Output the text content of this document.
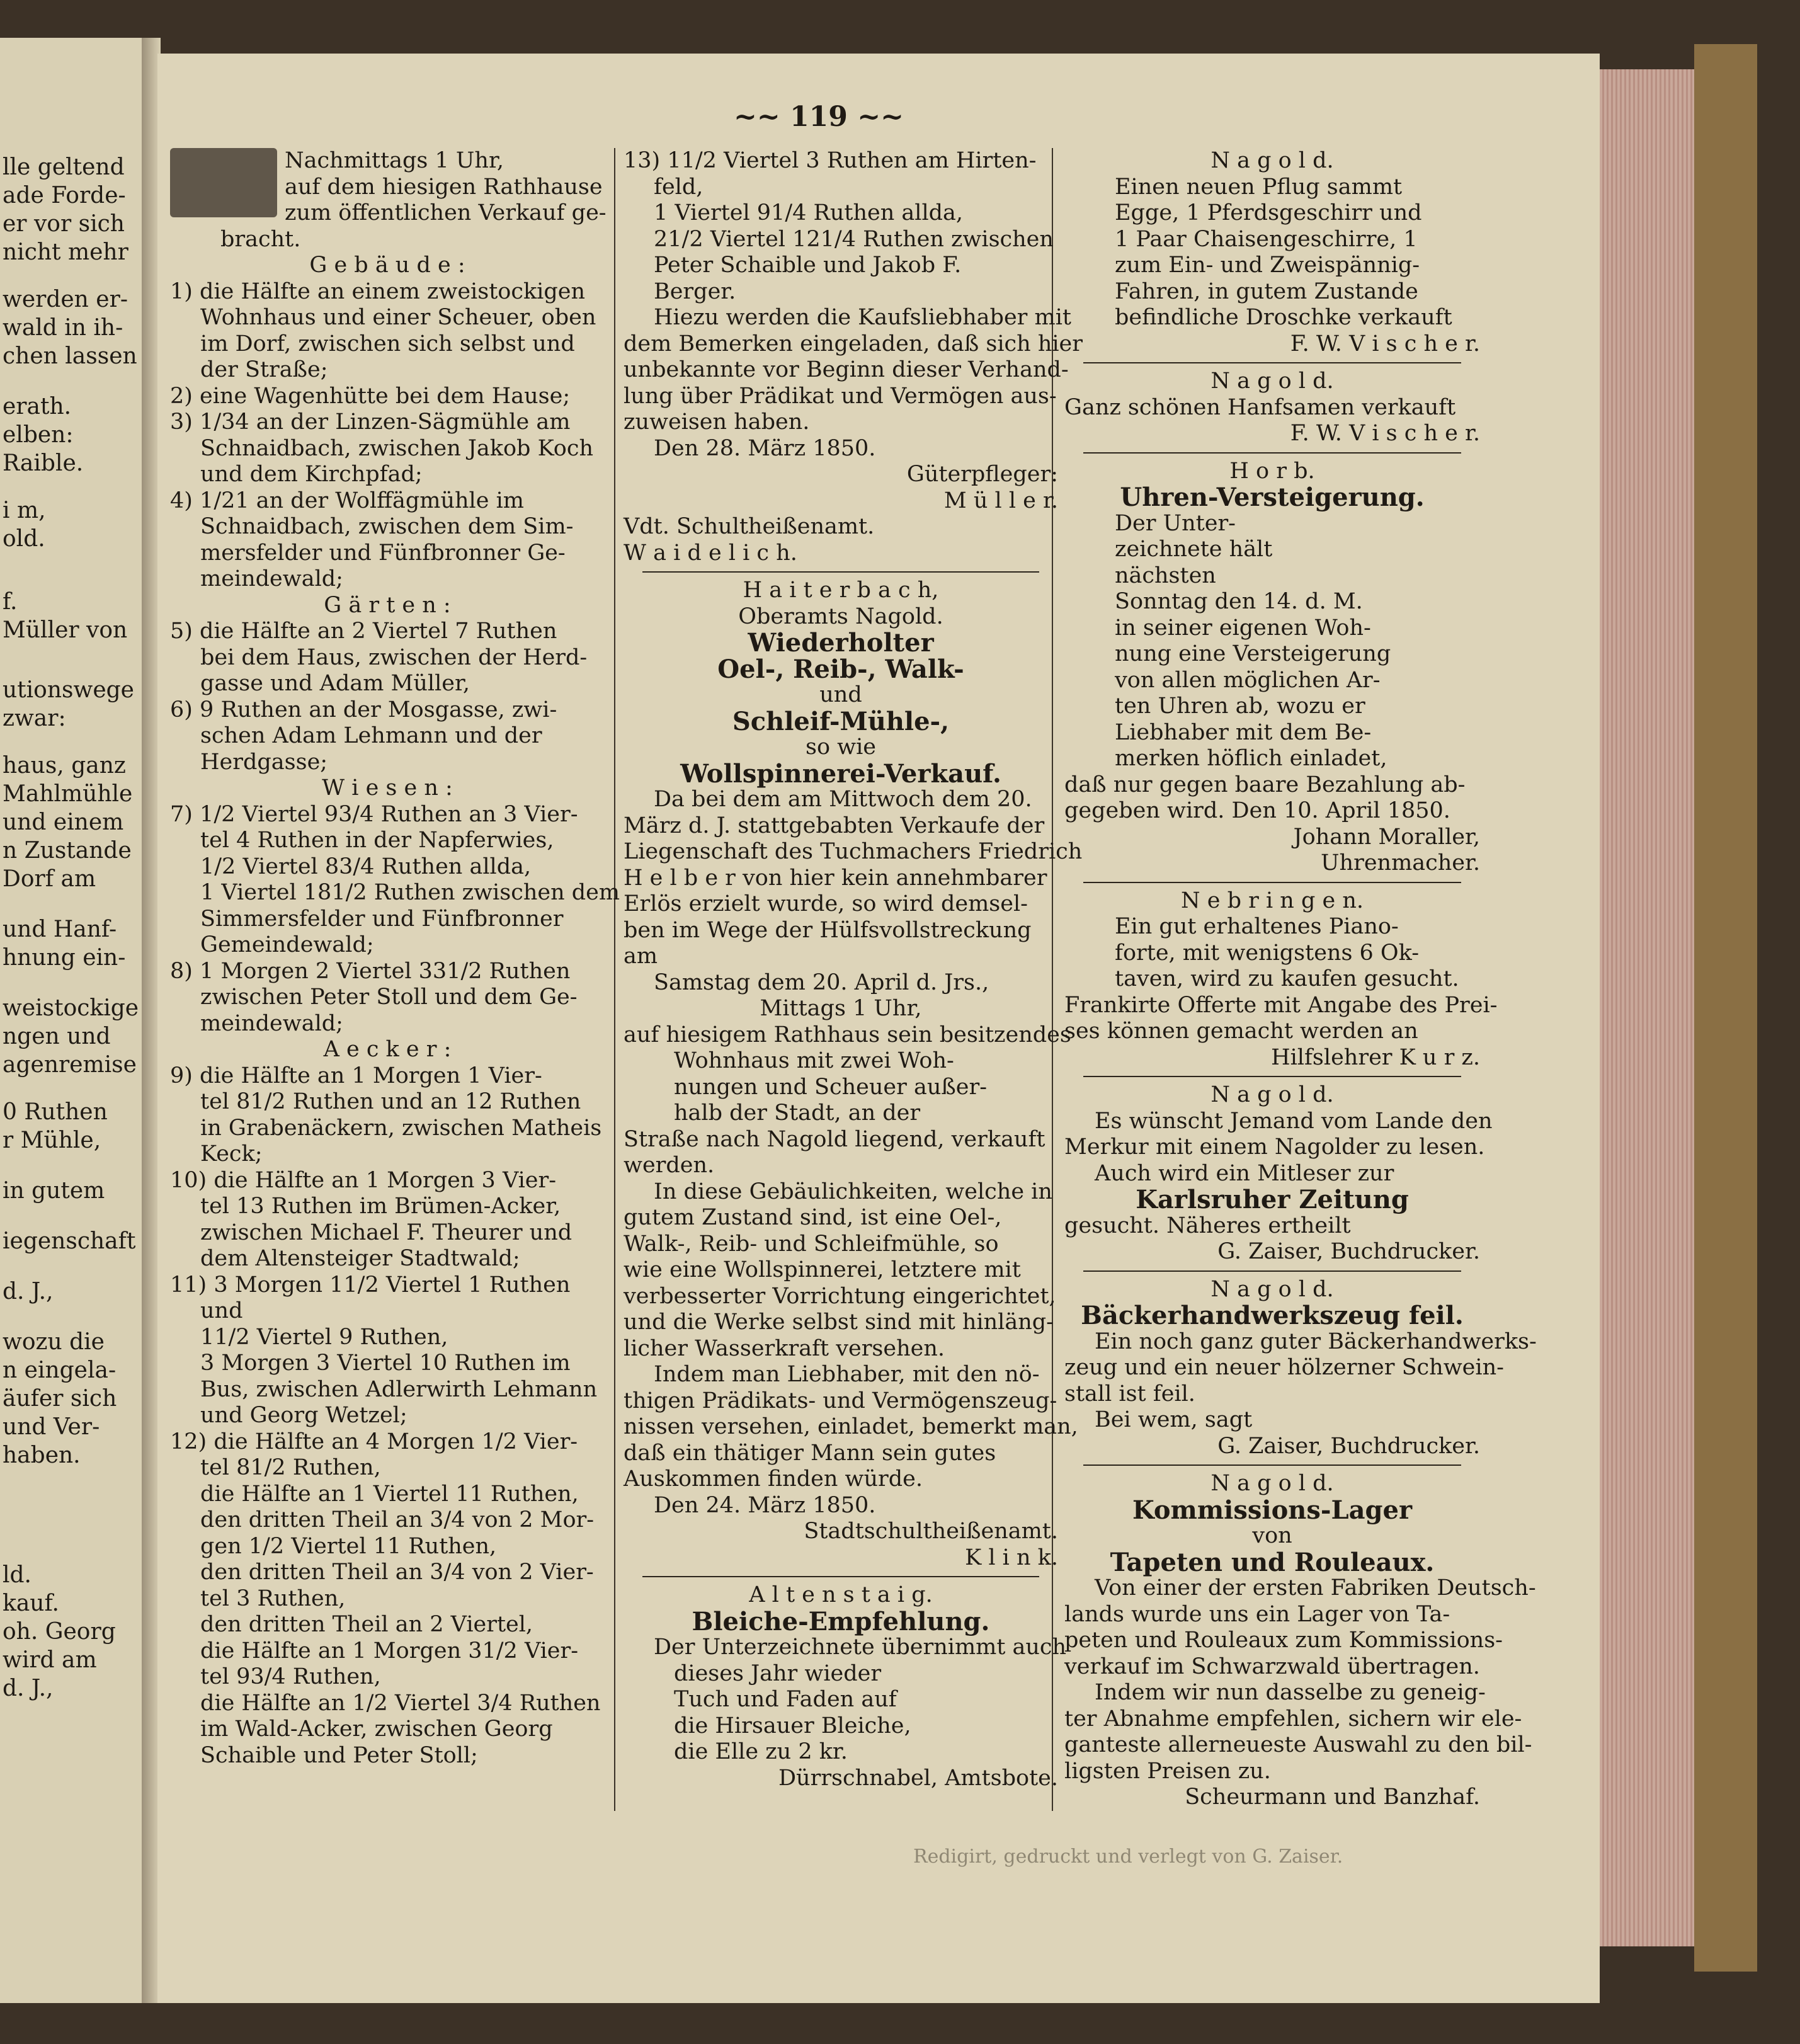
lle geltend
ade Forde-
er vor sich
nicht mehr
werden er-
wald in ih-
chen lassen
erath.
elben:
Raible.
i m,
old.
f.
Müller von
utionswege
zwar:
haus, ganz
Mahlmühle
und einem
n Zustande
Dorf am
und Hanf-
hnung ein-
weistockige
ngen und
agenremise
0 Ruthen
r Mühle,
in gutem
iegenschaft
d. J.,
wozu die
n eingela-
äufer sich
und Ver-
haben.
ld.
kauf.
oh. Georg
wird am
d. J.,
~~ 119 ~~

Nachmittags 1 Uhr,

auf dem hiesigen Rathhause

zum öffentlichen Verkauf ge-

bracht.

G e b ä u d e :

1) die Hälfte an einem zweistockigen

Wohnhaus und einer Scheuer, oben

im Dorf, zwischen sich selbst und

der Straße;

2) eine Wagenhütte bei dem Hause;

3) 1/34 an der Linzen-Sägmühle am

Schnaidbach, zwischen Jakob Koch

und dem Kirchpfad;

4) 1/21 an der Wolffägmühle im

Schnaidbach, zwischen dem Sim-

mersfelder und Fünfbronner Ge-

meindewald;

G ä r t e n :

5) die Hälfte an 2 Viertel 7 Ruthen

bei dem Haus, zwischen der Herd-

gasse und Adam Müller,

6) 9 Ruthen an der Mosgasse, zwi-

schen Adam Lehmann und der

Herdgasse;

W i e s e n :

7) 1/2 Viertel 93/4 Ruthen an 3 Vier-

tel 4 Ruthen in der Napferwies,

1/2 Viertel 83/4 Ruthen allda,

1 Viertel 181/2 Ruthen zwischen dem

Simmersfelder und Fünfbronner

Gemeindewald;

8) 1 Morgen 2 Viertel 331/2 Ruthen

zwischen Peter Stoll und dem Ge-

meindewald;

A e c k e r :

9) die Hälfte an 1 Morgen 1 Vier-

tel 81/2 Ruthen und an 12 Ruthen

in Grabenäckern, zwischen Matheis

Keck;

10) die Hälfte an 1 Morgen 3 Vier-

tel 13 Ruthen im Brümen-Acker,

zwischen Michael F. Theurer und

dem Altensteiger Stadtwald;

11) 3 Morgen 11/2 Viertel 1 Ruthen

und

11/2 Viertel 9 Ruthen,

3 Morgen 3 Viertel 10 Ruthen im

Bus, zwischen Adlerwirth Lehmann

und Georg Wetzel;

12) die Hälfte an 4 Morgen 1/2 Vier-

tel 81/2 Ruthen,

die Hälfte an 1 Viertel 11 Ruthen,

den dritten Theil an 3/4 von 2 Mor-

gen 1/2 Viertel 11 Ruthen,

den dritten Theil an 3/4 von 2 Vier-

tel 3 Ruthen,

den dritten Theil an 2 Viertel,

die Hälfte an 1 Morgen 31/2 Vier-

tel 93/4 Ruthen,

die Hälfte an 1/2 Viertel 3/4 Ruthen

im Wald-Acker, zwischen Georg

Schaible und Peter Stoll;

13) 11/2 Viertel 3 Ruthen am Hirten-

feld,

1 Viertel 91/4 Ruthen allda,

21/2 Viertel 121/4 Ruthen zwischen

Peter Schaible und Jakob F.

Berger.

Hiezu werden die Kaufsliebhaber mit

dem Bemerken eingeladen, daß sich hier

unbekannte vor Beginn dieser Verhand-

lung über Prädikat und Vermögen aus-

zuweisen haben.

Den 28. März 1850.

Güterpfleger:

M ü l l e r.

Vdt. Schultheißenamt.

W a i d e l i c h.

H a i t e r b a c h,

Oberamts Nagold.

Wiederholter

Oel-, Reib-, Walk-

und

Schleif-Mühle-,

so wie

Wollspinnerei-Verkauf.

Da bei dem am Mittwoch dem 20.

März d. J. stattgebabten Verkaufe der

Liegenschaft des Tuchmachers Friedrich

H e l b e r von hier kein annehmbarer

Erlös erzielt wurde, so wird demsel-

ben im Wege der Hülfsvollstreckung

am

Samstag dem 20. April d. Jrs.,

Mittags 1 Uhr,

auf hiesigem Rathhaus sein besitzendes

Wohnhaus mit zwei Woh-

nungen und Scheuer außer-

halb der Stadt, an der

Straße nach Nagold liegend, verkauft

werden.

In diese Gebäulichkeiten, welche in

gutem Zustand sind, ist eine Oel-,

Walk-, Reib- und Schleifmühle, so

wie eine Wollspinnerei, letztere mit

verbesserter Vorrichtung eingerichtet,

und die Werke selbst sind mit hinläng-

licher Wasserkraft versehen.

Indem man Liebhaber, mit den nö-

thigen Prädikats- und Vermögenszeug-

nissen versehen, einladet, bemerkt man,

daß ein thätiger Mann sein gutes

Auskommen finden würde.

Den 24. März 1850.

Stadtschultheißenamt.

K l i n k.

A l t e n s t a i g.

Bleiche-Empfehlung.

Der Unterzeichnete übernimmt auch

dieses Jahr wieder

Tuch und Faden auf

die Hirsauer Bleiche,

die Elle zu 2 kr.

Dürrschnabel, Amtsbote.

N a g o l d.

Einen neuen Pflug sammt

Egge, 1 Pferdsgeschirr und

1 Paar Chaisengeschirre, 1

zum Ein- und Zweispännig-

Fahren, in gutem Zustande

befindliche Droschke verkauft

F. W. V i s c h e r.

N a g o l d.

Ganz schönen Hanfsamen verkauft

F. W. V i s c h e r.

H o r b.

Uhren-Versteigerung.

Der Unter-

zeichnete hält

nächsten

Sonntag den 14. d. M.

in seiner eigenen Woh-

nung eine Versteigerung

von allen möglichen Ar-

ten Uhren ab, wozu er

Liebhaber mit dem Be-

merken höflich einladet,

daß nur gegen baare Bezahlung ab-

gegeben wird. Den 10. April 1850.

Johann Moraller,

Uhrenmacher.

N e b r i n g e n.

Ein gut erhaltenes Piano-

forte, mit wenigstens 6 Ok-

taven, wird zu kaufen gesucht.

Frankirte Offerte mit Angabe des Prei-

ses können gemacht werden an

Hilfslehrer K u r z.

N a g o l d.

Es wünscht Jemand vom Lande den

Merkur mit einem Nagolder zu lesen.

Auch wird ein Mitleser zur

Karlsruher Zeitung

gesucht. Näheres ertheilt

G. Zaiser, Buchdrucker.

N a g o l d.

Bäckerhandwerkszeug feil.

Ein noch ganz guter Bäckerhandwerks-

zeug und ein neuer hölzerner Schwein-

stall ist feil.

Bei wem, sagt

G. Zaiser, Buchdrucker.

N a g o l d.

Kommissions-Lager

von

Tapeten und Rouleaux.

Von einer der ersten Fabriken Deutsch-

lands wurde uns ein Lager von Ta-

peten und Rouleaux zum Kommissions-

verkauf im Schwarzwald übertragen.

Indem wir nun dasselbe zu geneig-

ter Abnahme empfehlen, sichern wir ele-

ganteste allerneueste Auswahl zu den bil-

ligsten Preisen zu.

Scheurmann und Banzhaf.

Redigirt, gedruckt und verlegt von G. Zaiser.
